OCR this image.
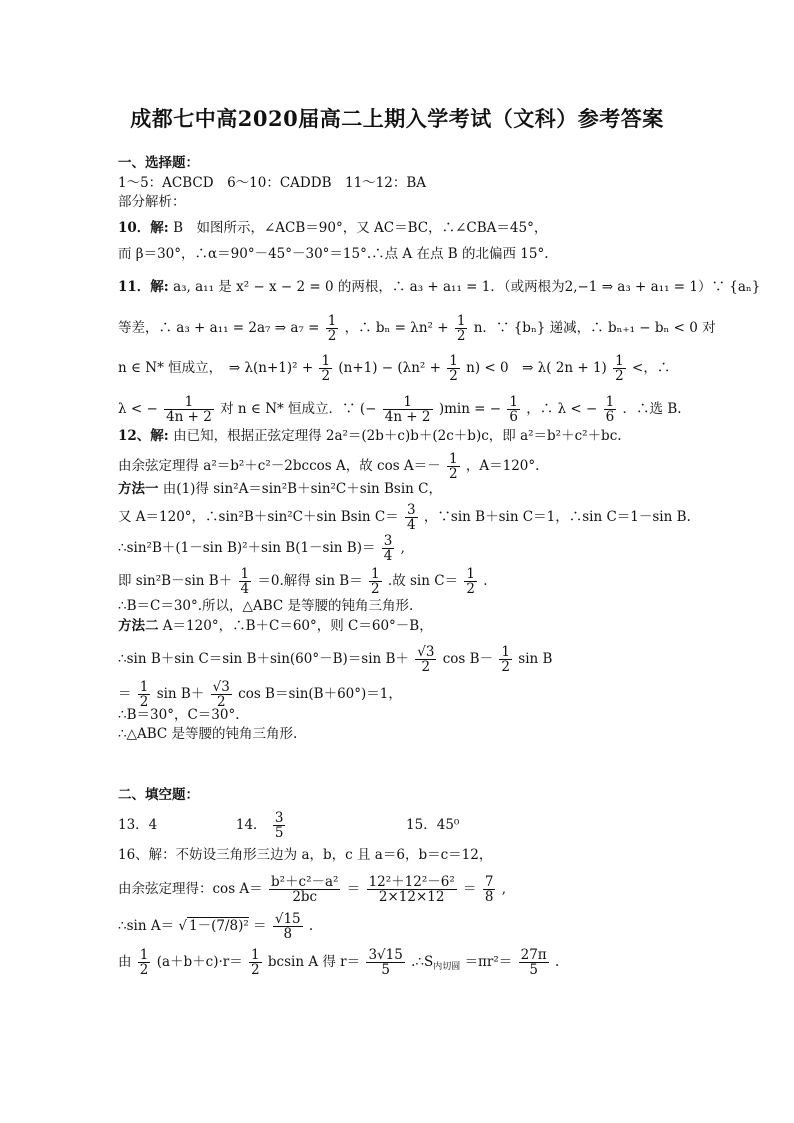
成都七中高2020届高二上期入学考试（文科）参考答案
一、选择题：
1～5：ACBCD　6～10：CADDB　11～12：BA
部分解析：
10．解: B　如图所示，∠ACB＝90°，又 AC＝BC，∴∠CBA＝45°，
而 β＝30°，∴α＝90°－45°－30°＝15°.∴点 A 在点 B 的北偏西 15°.
11．解: a₃, a₁₁ 是 x² − x − 2 = 0 的两根，∴ a₃ + a₁₁ = 1．（或两根为2,−1 ⇒ a₃ + a₁₁ = 1）∵ {aₙ}
等差，∴ a₃ + a₁₁ = 2a₇ ⇒ $a_7 = \frac{1}{2}$ ，∴ $b_n = \lambda n^2 + \frac{1}{2}$ n．∵ {bₙ} 递减，∴ bₙ₊₁ − bₙ < 0 对
n ∈ N* 恒成立，　⇒ $\lambda(n+1)^2 + \frac{1}{2} (n+1) - (\lambda n^2 + \frac{1}{2} n) < 0$　⇒ λ( $2n + 1) \frac{1}{2}$ <，∴
λ < − $\frac{1}{4n + 2}$ 对 n ∈ N* 恒成立．∵ (− $\frac{1}{4n + 2} )\min$ = − $\frac{1}{6}$ ，∴ λ < − $\frac{1}{6}$ ．∴选 B.
12、解: 由已知，根据正弦定理得 2a²＝(2b＋c)b＋(2c＋b)c，即 a²＝b²＋c²＋bc.
由余弦定理得 a²＝b²＋c²－2bccos A，故 $\cos A=- \frac{1}{2}$ ，A＝120°.
方法一 由(1)得 sin²A＝sin²B＋sin²C＋sin Bsin C，
又 A＝120°，∴sin²B＋sin²C＋sin Bsin $C= \frac{3}{4}$ ，∵sin B＋sin C＝1，∴sin C＝1－sin B.
∴sin²B＋(1－sin B)²＋sin B(1－sin $B)= \frac{3}{4}$ ,
即 sin²B－sin $B+ \frac{1}{4} =0$.解得 $\sin B= \frac{1}{2}$ .故 $\sin C= \frac{1}{2}$ .
∴B＝C＝30°.所以，△ABC 是等腰的钝角三角形.
方法二 A＝120°，∴B＋C＝60°，则 C＝60°－B，
∴sin B＋sin C＝sin B＋sin(60°－B)＝sin $B+ \frac{√3}{2}$ $\cos B- \frac{1}{2}$ sin B
＝ $\frac{1}{2}$ $\sin B+ \frac{√3}{2}$ cos B＝sin(B＋60°)＝1，
∴B＝30°，C＝30°.
∴△ABC 是等腰的钝角三角形.
二、填空题：
13．4	14． $\frac{3}{5}$	15．45⁰
16、解：不妨设三角形三边为 a，b，c 且 a＝6，b＝c＝12，
由余弦定理得：$\cos A= \frac{\text{b²＋c²－a²}}{2bc} = \frac{\text{12²＋12²－6²}}{2\times 12\times 12} = \frac{7}{8}$ ,
∴sin A＝ √ $1-(7/8)^2 = \frac{√15}{8}$ .
由 $\frac{1}{2} (a+b+c)\cdot r= \frac{1}{2}$ bcsin A 得 $r= \frac{3√15}{5}$ $.\therefore S_{内切圆} =\pi r^2= \frac{27\pi}{5}$ .
